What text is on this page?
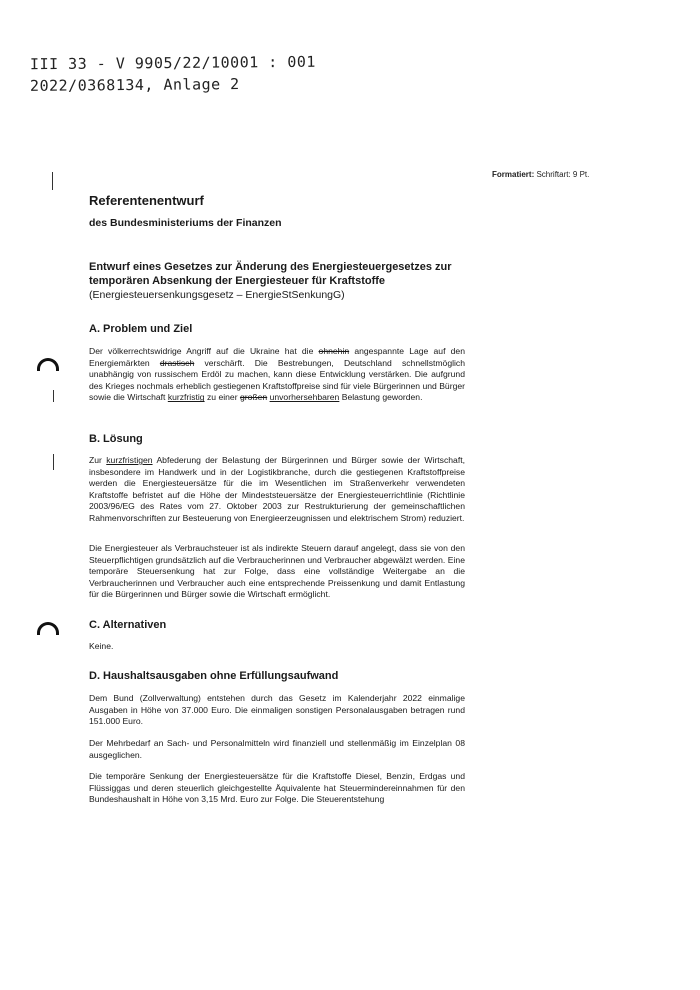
III 33 - V 9905/22/10001 : 001
2022/0368134, Anlage 2
Formatiert: Schriftart: 9 Pt.
Referentenentwurf
des Bundesministeriums der Finanzen
Entwurf eines Gesetzes zur Änderung des Energiesteuergesetzes zur
temporären Absenkung der Energiesteuer für Kraftstoffe

(Energiesteuersenkungsgesetz – EnergieStSenkungG)

A. Problem und Ziel

Der völkerrechtswidrige Angriff auf die Ukraine hat die ohnehin angespannte Lage auf den Energiemärkten drastisch verschärft. Die Bestrebungen, Deutschland schnellstmöglich unabhängig von russischem Erdöl zu machen, kann diese Entwicklung verstärken. Die aufgrund des Krieges nochmals erheblich gestiegenen Kraftstoffpreise sind für viele Bürgerinnen und Bürger sowie die Wirtschaft kurzfristig zu einer großen unvorhersehbaren Belastung geworden.

B. Lösung

Zur kurzfristigen Abfederung der Belastung der Bürgerinnen und Bürger sowie der Wirtschaft, insbesondere im Handwerk und in der Logistikbranche, durch die gestiegenen Kraftstoffpreise werden die Energiesteuersätze für die im Wesentlichen im Straßenverkehr verwendeten Kraftstoffe befristet auf die Höhe der Mindeststeuersätze der Energiesteuerrichtlinie (Richtlinie 2003/96/EG des Rates vom 27. Oktober 2003 zur Restrukturierung der gemeinschaftlichen Rahmenvorschriften zur Besteuerung von Energieerzeugnissen und elektrischem Strom) reduziert.

Die Energiesteuer als Verbrauchsteuer ist als indirekte Steuern darauf angelegt, dass sie von den Steuerpflichtigen grundsätzlich auf die Verbraucherinnen und Verbraucher abgewälzt werden. Eine temporäre Steuersenkung hat zur Folge, dass eine vollständige Weitergabe an die Verbraucherinnen und Verbraucher auch eine entsprechende Preissenkung und damit Entlastung für die Bürgerinnen und Bürger sowie die Wirtschaft ermöglicht.

C. Alternativen

Keine.

D. Haushaltsausgaben ohne Erfüllungsaufwand

Dem Bund (Zollverwaltung) entstehen durch das Gesetz im Kalenderjahr 2022 einmalige Ausgaben in Höhe von 37.000 Euro. Die einmaligen sonstigen Personalausgaben betragen rund 151.000 Euro.

Der Mehrbedarf an Sach- und Personalmitteln wird finanziell und stellenmäßig im Einzelplan 08 ausgeglichen.

Die temporäre Senkung der Energiesteuersätze für die Kraftstoffe Diesel, Benzin, Erdgas und Flüssiggas und deren steuerlich gleichgestellte Äquivalente hat Steuermindereinnahmen für den Bundeshaushalt in Höhe von 3,15 Mrd. Euro zur Folge. Die Steuerentstehung
